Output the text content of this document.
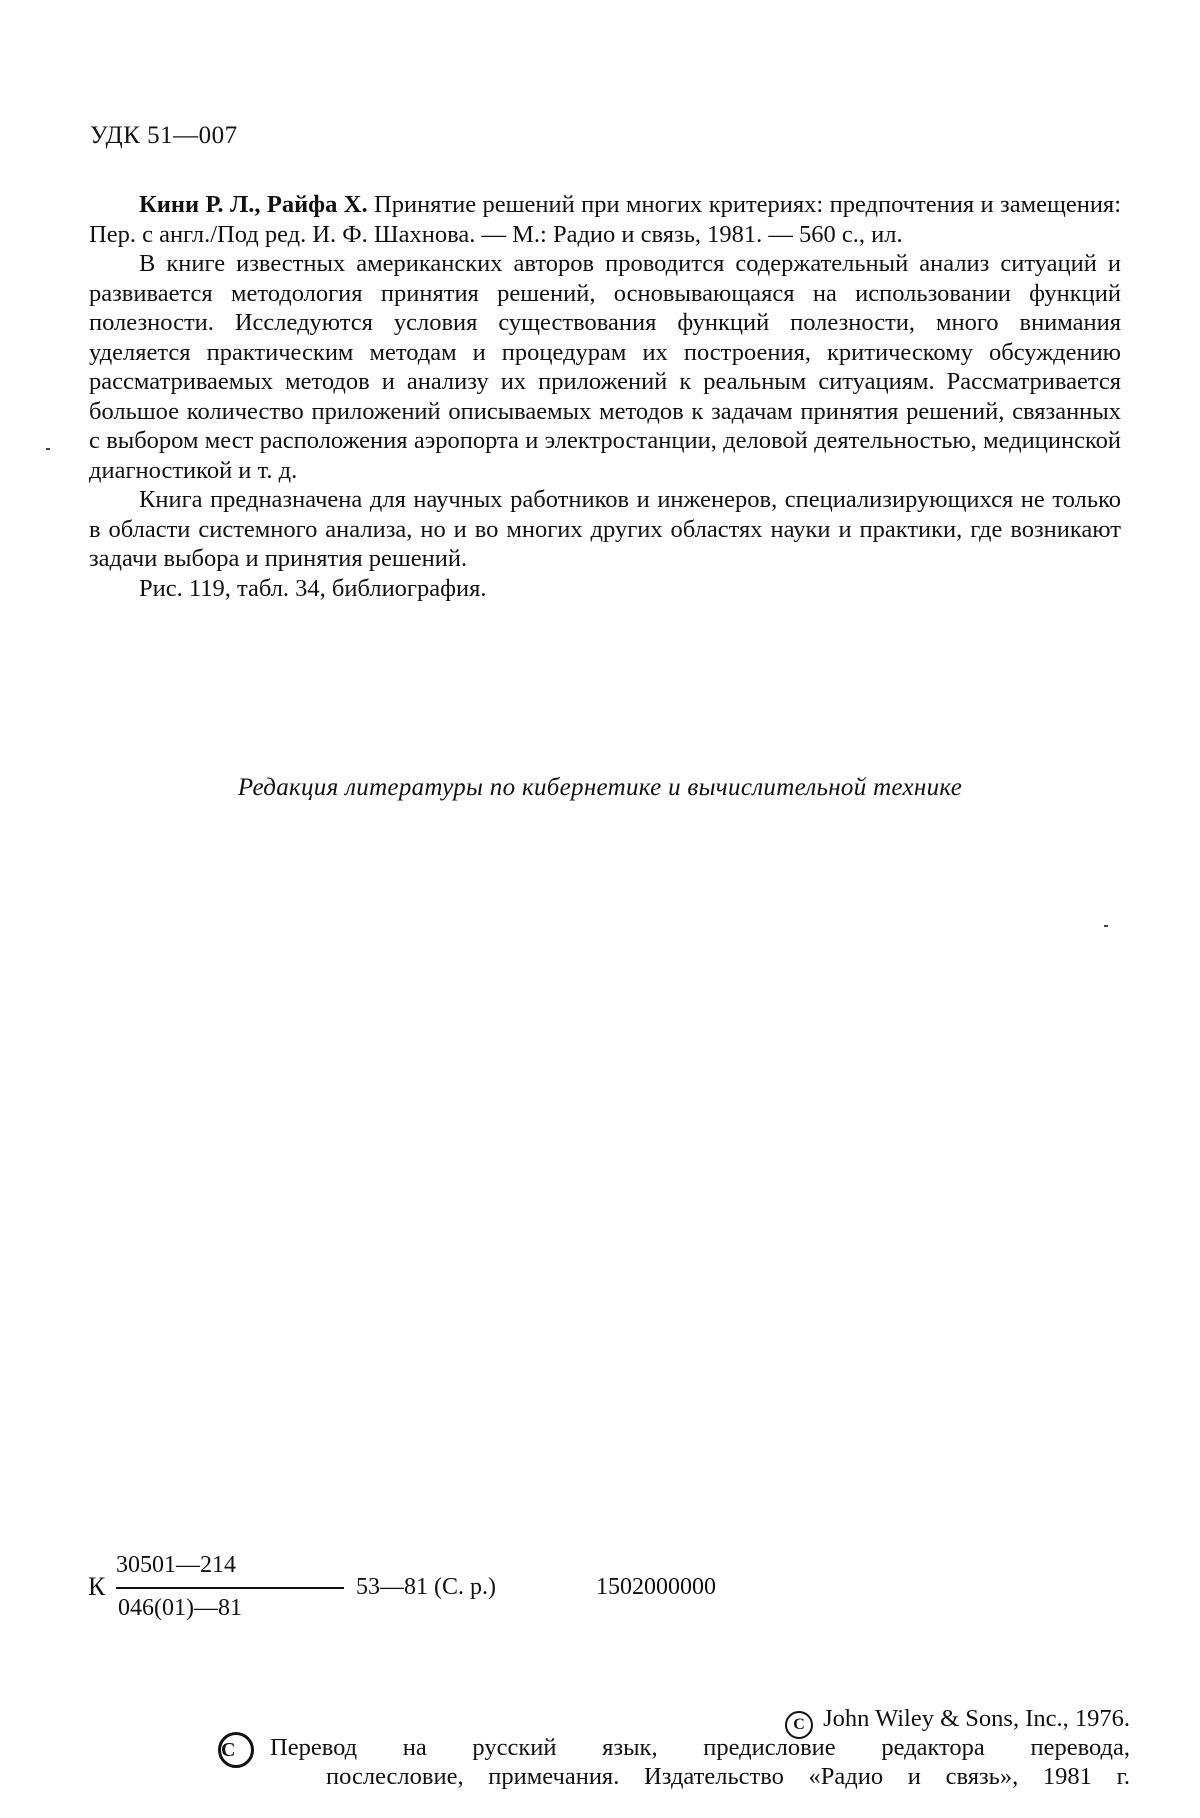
УДК 51—007

Кини Р. Л., Райфа Х. Принятие решений при многих критериях: предпочтения и замещения: Пер. с англ./Под ред. И. Ф. Шахнова. — М.: Радио и связь, 1981. — 560 с., ил.

В книге известных американских авторов проводится содержательный анализ ситуаций и развивается методология принятия решений, основывающаяся на использовании функций полезности. Исследуются условия существования функций полезности, много внимания уделяется практическим методам и процедурам их построения, критическому обсуждению рассматриваемых методов и анализу их приложений к реальным ситуациям. Рассматривается большое количество приложений описываемых методов к задачам принятия решений, связанных с выбором мест расположения аэропорта и электростанции, деловой деятельностью, медицинской диагностикой и т. д.

Книга предназначена для научных работников и инженеров, специализирующихся не только в области системного анализа, но и во многих других областях науки и практики, где возникают задачи выбора и принятия решений.

Рис. 119, табл. 34, библиография.

Редакция литературы по кибернетике и вычислительной технике
К
30501—214
046(01)—81
53—81 (С. р.)	1502000000
C John Wiley & Sons, Inc., 1976.
C	Перевод на русский язык, предисловие редактора перевода,
послесловие, примечания. Издательство «Радио и связь», 1981 г.
